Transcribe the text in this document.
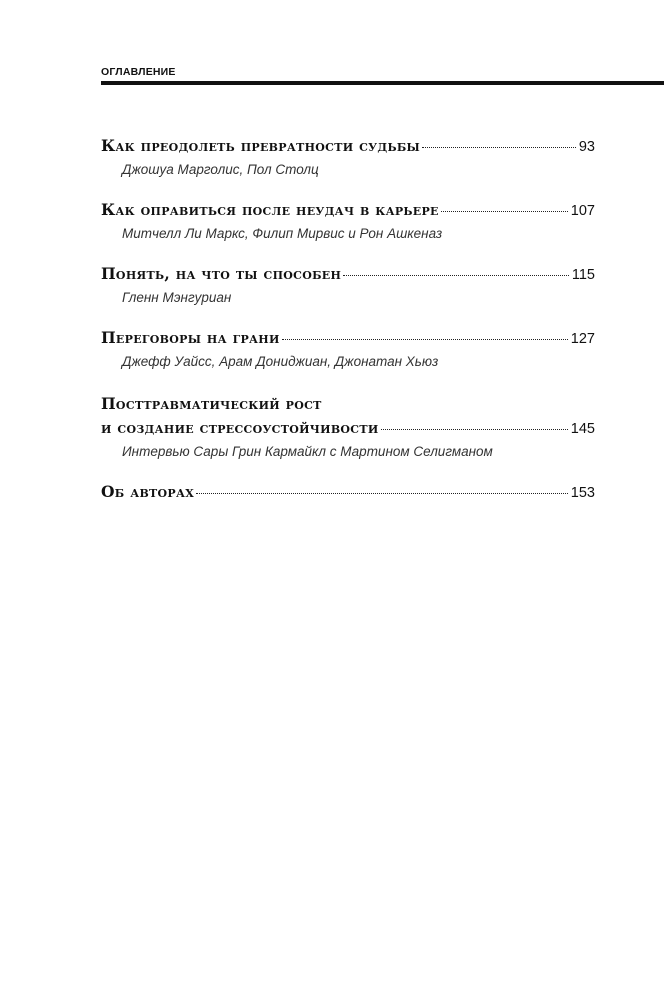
ОГЛАВЛЕНИЕ
Как преодолеть превратности судьбы	93
Джошуа Марголис, Пол Столц
Как оправиться после неудач в карьере	107
Митчелл Ли Маркс, Филип Мирвис и Рон Ашкеназ
Понять, на что ты способен	115
Гленн Мэнгуриан
Переговоры на грани	127
Джефф Уайсс, Арам Дониджиан, Джонатан Хьюз
Посттравматический рост
и создание стрессоустойчивости	145
Интервью Сары Грин Кармайкл с Мартином Селигманом
Об авторах	153
